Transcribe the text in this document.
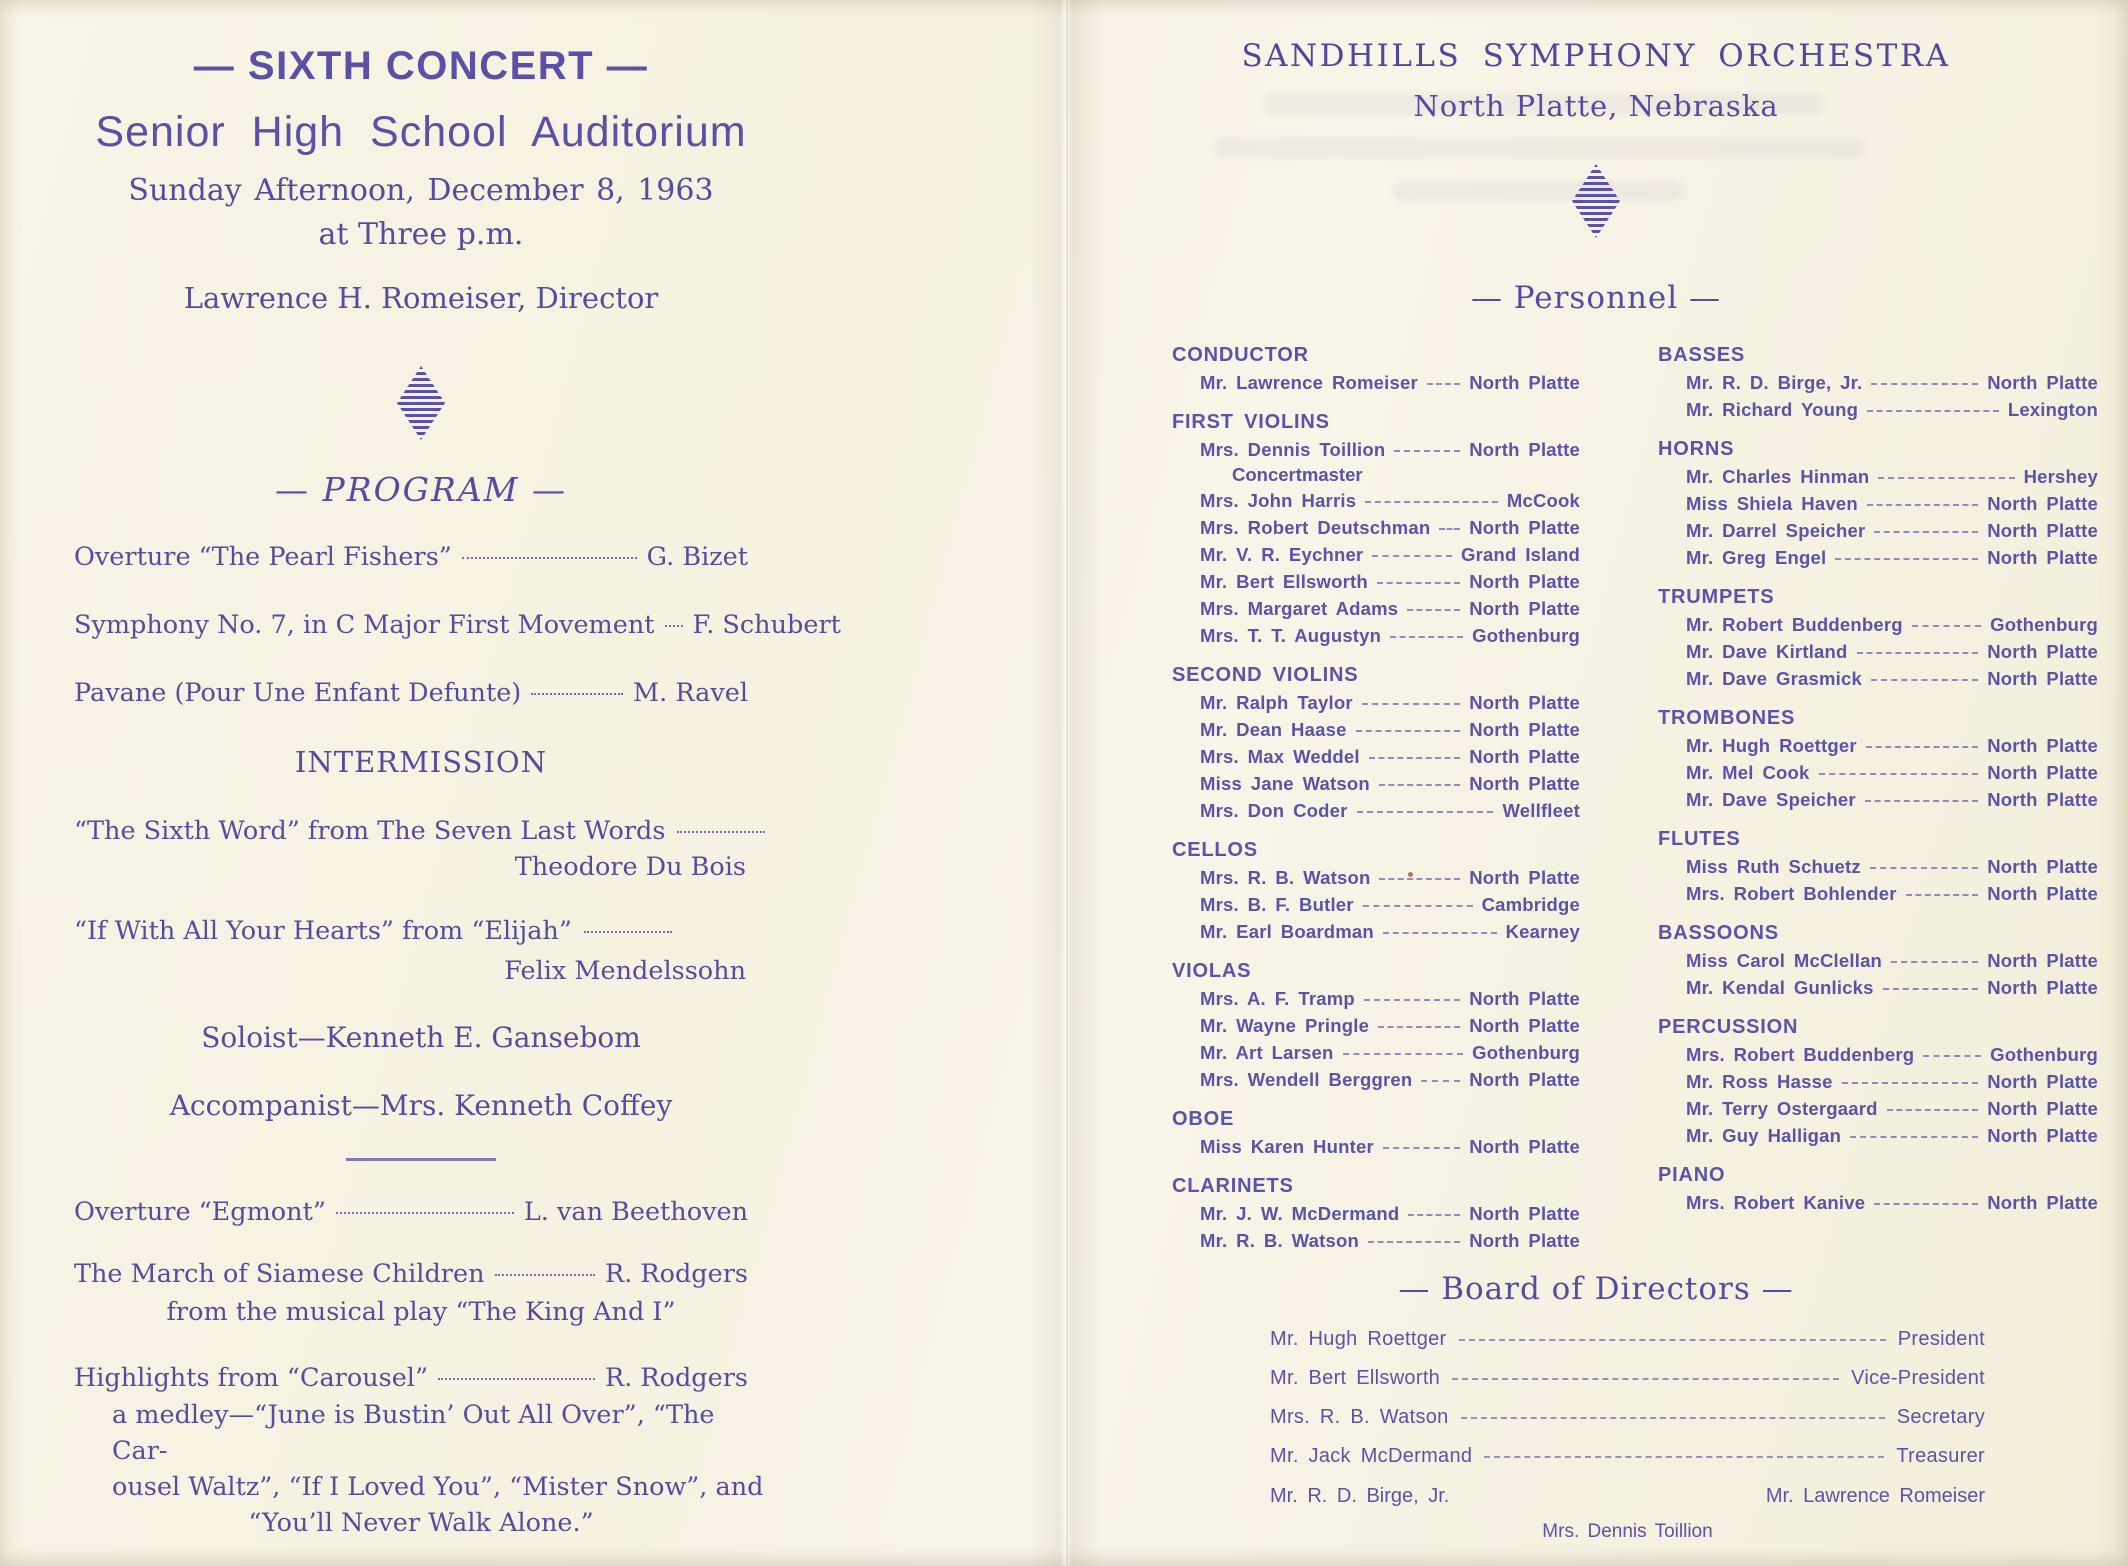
— SIXTH CONCERT —
Senior High School Auditorium
Sunday Afternoon, December 8, 1963
at Three p.m.
Lawrence H. Romeiser, Director
— PROGRAM —
Overture “The Pearl Fishers”	G. Bizet
Symphony No. 7, in C Major First Movement F. Schubert
Pavane (Pour Une Enfant Defunte)	M. Ravel
INTERMISSION
“The Sixth Word” from The Seven Last Words
Theodore Du Bois
“If With All Your Hearts” from “Elijah”
Felix Mendelssohn
Soloist—Kenneth E. Gansebom
Accompanist—Mrs. Kenneth Coffey
Overture “Egmont”	L. van Beethoven
The March of Siamese Children	R. Rodgers
from the musical play “The King And I”
Highlights from “Carousel”	R. Rodgers
a medley—“June is Bustin’ Out All Over”, “The Car-
ousel Waltz”, “If I Loved You”, “Mister Snow”, and
“You’ll Never Walk Alone.”
SANDHILLS SYMPHONY ORCHESTRA
North Platte, Nebraska
— Personnel —
CONDUCTOR
Mr. Lawrence Romeiser	North Platte
FIRST VIOLINS
Mrs. Dennis Toillion	North Platte
Concertmaster
Mrs. John Harris	McCook
Mrs. Robert Deutschman North Platte
Mr. V. R. Eychner	Grand Island
Mr. Bert Ellsworth	North Platte
Mrs. Margaret Adams	North Platte
Mrs. T. T. Augustyn	Gothenburg
SECOND VIOLINS
Mr. Ralph Taylor	North Platte
Mr. Dean Haase	North Platte
Mrs. Max Weddel	North Platte
Miss Jane Watson	North Platte
Mrs. Don Coder	Wellfleet
CELLOS
Mrs. R. B. Watson	North Platte
Mrs. B. F. Butler	Cambridge
Mr. Earl Boardman	Kearney
VIOLAS
Mrs. A. F. Tramp	North Platte
Mr. Wayne Pringle	North Platte
Mr. Art Larsen	Gothenburg
Mrs. Wendell Berggren	North Platte
OBOE
Miss Karen Hunter	North Platte
CLARINETS
Mr. J. W. McDermand	North Platte
Mr. R. B. Watson	North Platte
BASSES
Mr. R. D. Birge, Jr.	North Platte
Mr. Richard Young	Lexington
HORNS
Mr. Charles Hinman	Hershey
Miss Shiela Haven	North Platte
Mr. Darrel Speicher	North Platte
Mr. Greg Engel	North Platte
TRUMPETS
Mr. Robert Buddenberg	Gothenburg
Mr. Dave Kirtland	North Platte
Mr. Dave Grasmick	North Platte
TROMBONES
Mr. Hugh Roettger	North Platte
Mr. Mel Cook	North Platte
Mr. Dave Speicher	North Platte
FLUTES
Miss Ruth Schuetz	North Platte
Mrs. Robert Bohlender	North Platte
BASSOONS
Miss Carol McClellan	North Platte
Mr. Kendal Gunlicks	North Platte
PERCUSSION
Mrs. Robert Buddenberg	Gothenburg
Mr. Ross Hasse	North Platte
Mr. Terry Ostergaard	North Platte
Mr. Guy Halligan	North Platte
PIANO
Mrs. Robert Kanive	North Platte
— Board of Directors —
Mr. Hugh Roettger	President
Mr. Bert Ellsworth	Vice-President
Mrs. R. B. Watson	Secretary
Mr. Jack McDermand	Treasurer
Mr. R. D. Birge, Jr.	Mr. Lawrence Romeiser
Mrs. Dennis Toillion
